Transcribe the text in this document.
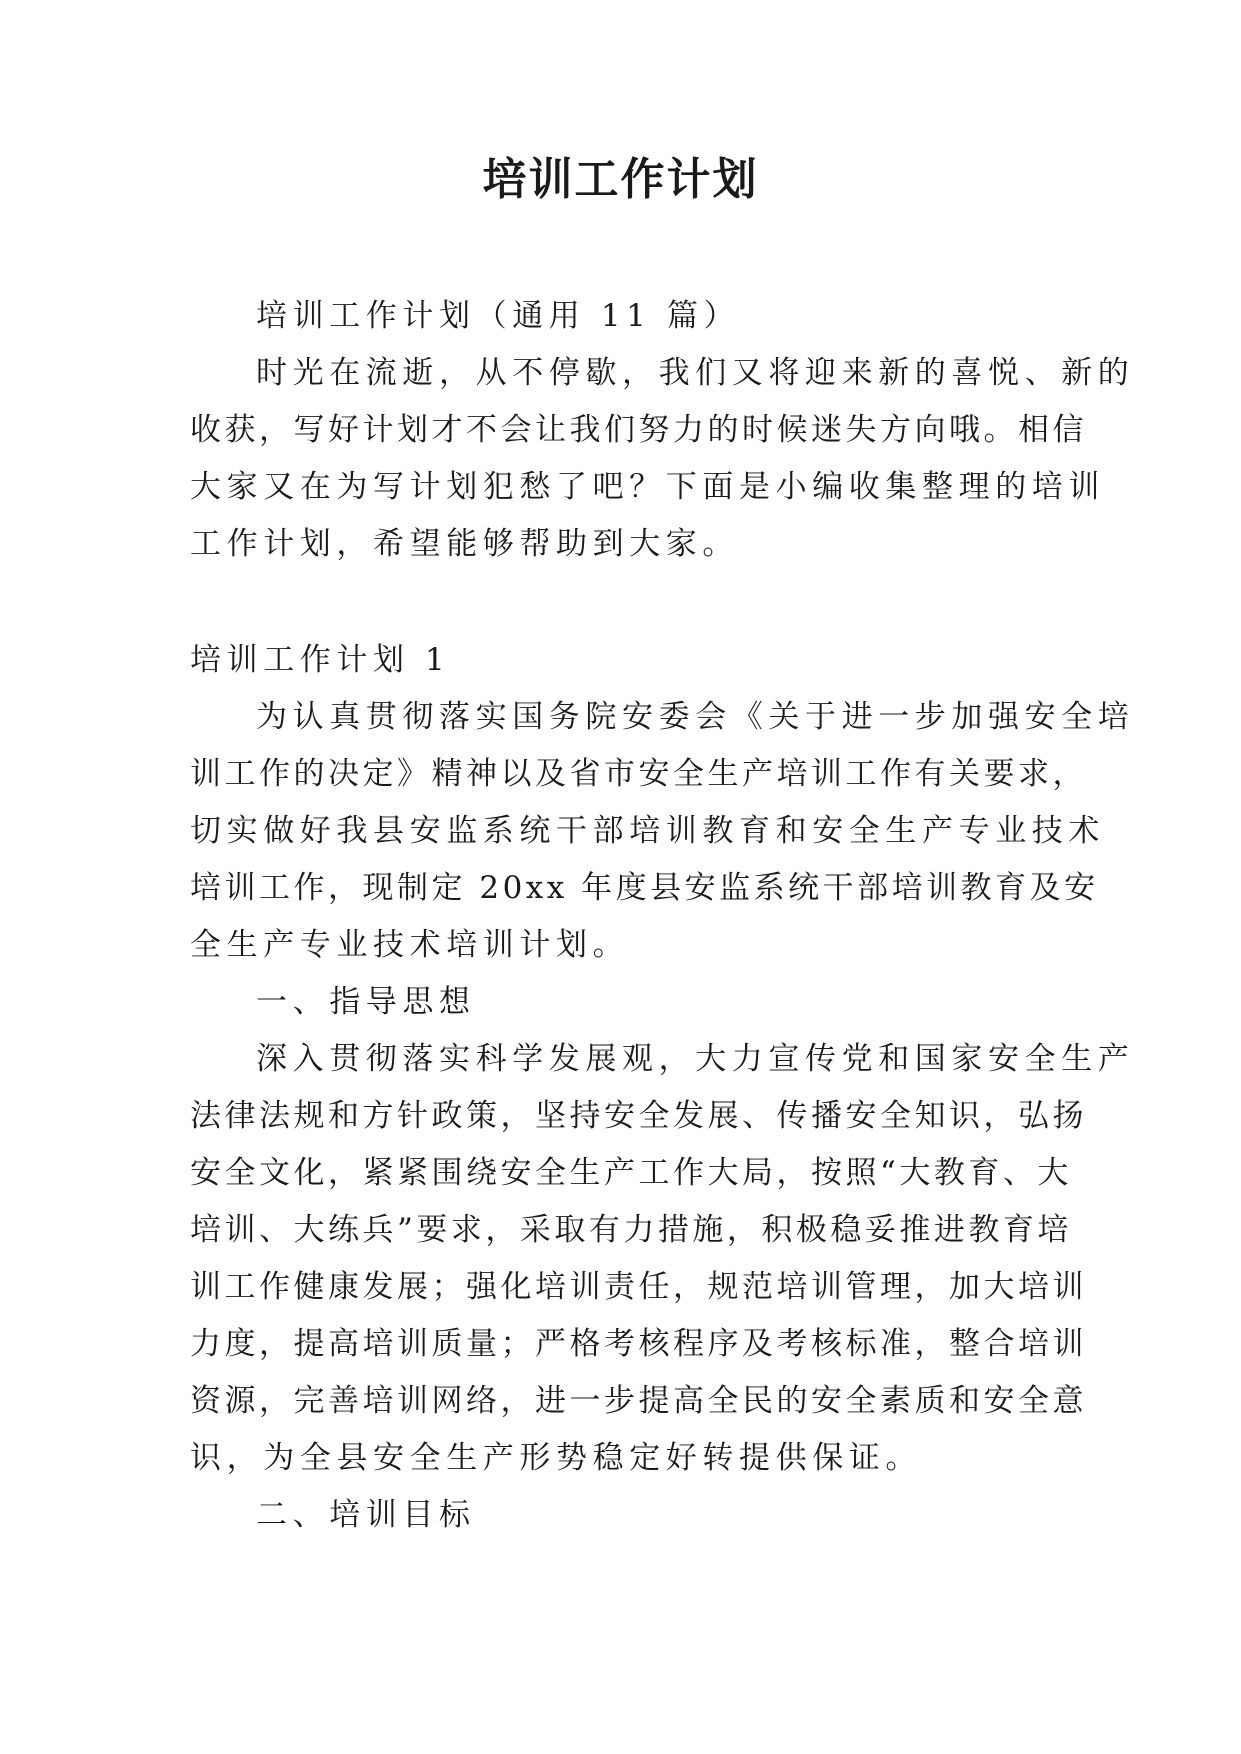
培训工作计划
培训工作计划（通用 11 篇）
时光在流逝，从不停歇，我们又将迎来新的喜悦、新的
收获，写好计划才不会让我们努力的时候迷失方向哦。相信
大家又在为写计划犯愁了吧？下面是小编收集整理的培训
工作计划，希望能够帮助到大家。
培训工作计划 1
为认真贯彻落实国务院安委会《关于进一步加强安全培
训工作的决定》精神以及省市安全生产培训工作有关要求，
切实做好我县安监系统干部培训教育和安全生产专业技术
培训工作，现制定 20xx 年度县安监系统干部培训教育及安
全生产专业技术培训计划。
一、指导思想
深入贯彻落实科学发展观，大力宣传党和国家安全生产
法律法规和方针政策，坚持安全发展、传播安全知识，弘扬
安全文化，紧紧围绕安全生产工作大局，按照“大教育、大
培训、大练兵”要求，采取有力措施，积极稳妥推进教育培
训工作健康发展；强化培训责任，规范培训管理，加大培训
力度，提高培训质量；严格考核程序及考核标准，整合培训
资源，完善培训网络，进一步提高全民的安全素质和安全意
识，为全县安全生产形势稳定好转提供保证。
二、培训目标
